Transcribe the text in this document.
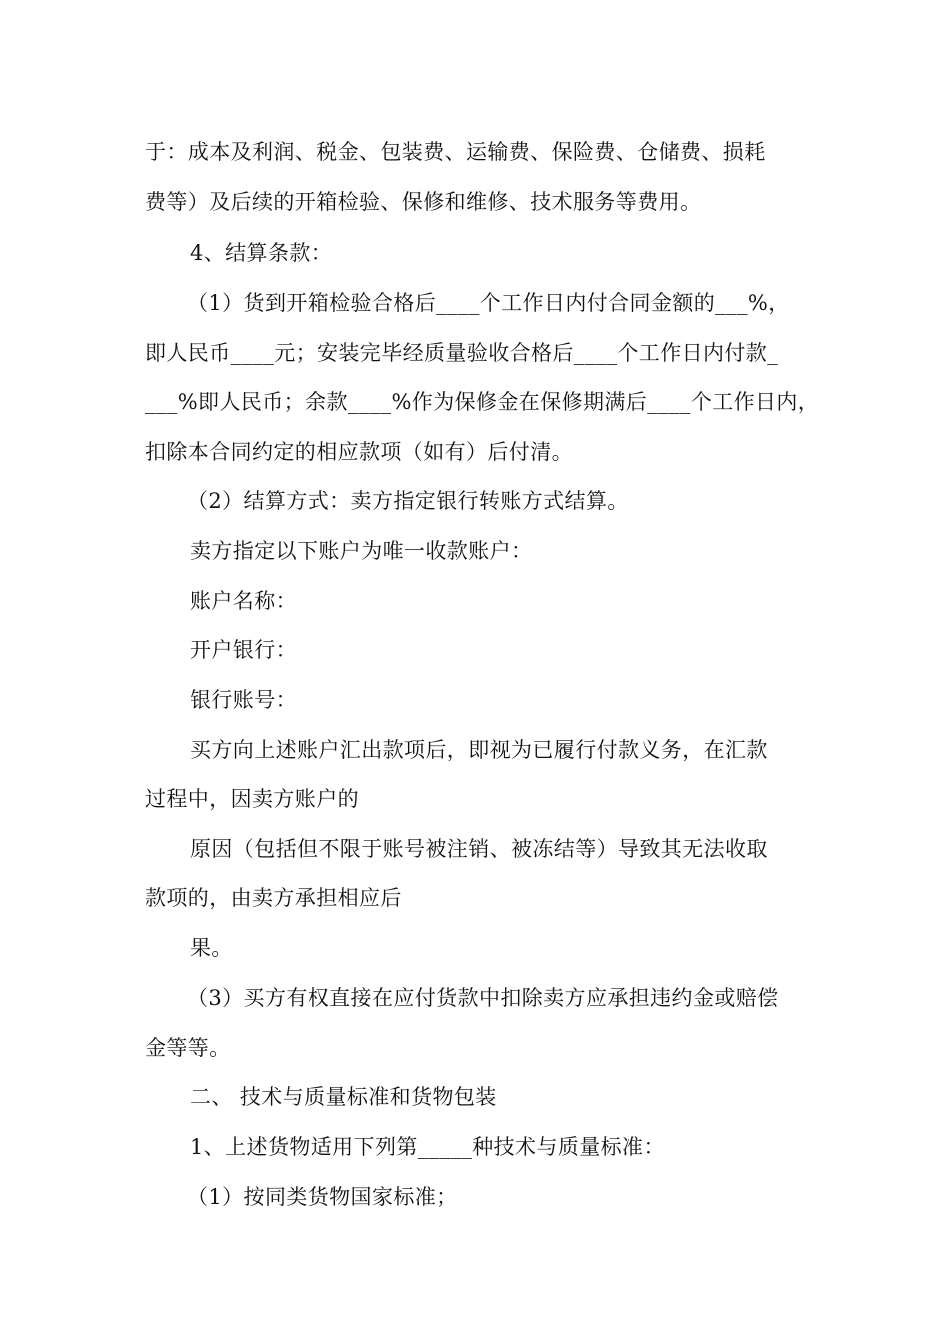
于：成本及利润、税金、包装费、运输费、保险费、仓储费、损耗
费等）及后续的开箱检验、保修和维修、技术服务等费用。
4、结算条款：
（1）货到开箱检验合格后____个工作日内付合同金额的___%，
即人民币____元；安装完毕经质量验收合格后____个工作日内付款_
___%即人民币；余款____%作为保修金在保修期满后____个工作日内，
扣除本合同约定的相应款项（如有）后付清。
（2）结算方式：卖方指定银行转账方式结算。
卖方指定以下账户为唯一收款账户：
账户名称：
开户银行：
银行账号：
买方向上述账户汇出款项后，即视为已履行付款义务，在汇款
过程中，因卖方账户的
原因（包括但不限于账号被注销、被冻结等）导致其无法收取
款项的，由卖方承担相应后
果。
（3）买方有权直接在应付货款中扣除卖方应承担违约金或赔偿
金等等。
二、 技术与质量标准和货物包装
1、上述货物适用下列第_____种技术与质量标准：
（1）按同类货物国家标准；
